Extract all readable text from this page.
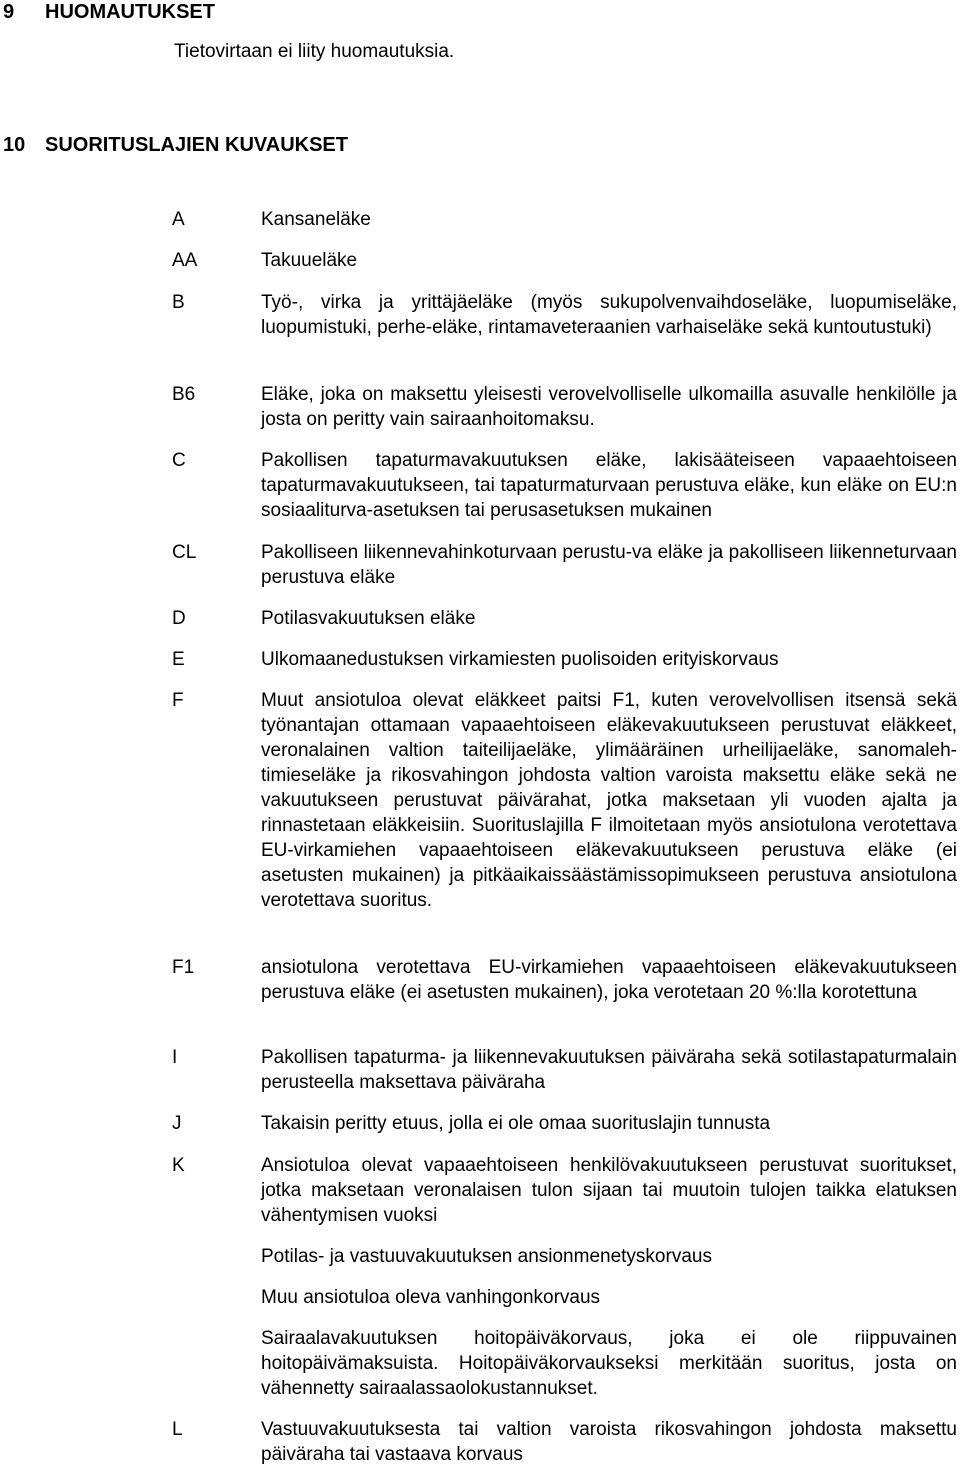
9 HUOMAUTUKSET
Tietovirtaan ei liity huomautuksia.
10 SUORITUSLAJIEN KUVAUKSET
A	Kansaneläke
AA	Takuueläke
B	Työ-, virka ja yrittäjäeläke (myös sukupolvenvaihdoseläke, luopumiseläke, luopumistuki, perhe-eläke, rintamaveteraanien varhaiseläke sekä kuntoutustuki)
B6	Eläke, joka on maksettu yleisesti verovelvolliselle ulkomailla asuvalle henkilölle ja josta on peritty vain sairaanhoitomaksu.
C	Pakollisen tapaturmavakuutuksen eläke, lakisääteiseen vapaaehtoiseen tapaturmavakuutukseen, tai tapaturmaturvaan perustuva eläke, kun eläke on EU:n sosiaaliturva-asetuksen tai perusasetuksen mukainen
CL	Pakolliseen liikennevahinkoturvaan perustu-va eläke ja pakolliseen liikenneturvaan perustuva eläke
D	Potilasvakuutuksen eläke
E	Ulkomaanedustuksen virkamiesten puolisoiden erityiskorvaus
F	Muut ansiotuloa olevat eläkkeet paitsi F1, kuten verovelvollisen itsensä sekä työnantajan ottamaan vapaaehtoiseen eläkevakuutukseen perustuvat eläkkeet, veronalainen valtion taiteilijaeläke, ylimääräinen urheilijaeläke, sanomaleh-timieseläke ja rikosvahingon johdosta valtion varoista maksettu eläke sekä ne vakuutukseen perustuvat päivärahat, jotka maksetaan yli vuoden ajalta ja rinnastetaan eläkkeisiin. Suorituslajilla F ilmoitetaan myös ansiotulona verotettava EU-virkamiehen vapaaehtoiseen eläkevakuutukseen perustuva eläke (ei asetusten mukainen) ja pitkäaikaissäästämissopimukseen perustuva ansiotulona verotettava suoritus.
F1	ansiotulona verotettava EU-virkamiehen vapaaehtoiseen eläkevakuutukseen perustuva eläke (ei asetusten mukainen), joka verotetaan 20 %:lla korotettuna
I	Pakollisen tapaturma- ja liikennevakuutuksen päiväraha sekä sotilastapaturmalain perusteella maksettava päiväraha
J	Takaisin peritty etuus, jolla ei ole omaa suorituslajin tunnusta
K	Ansiotuloa olevat vapaaehtoiseen henkilövakuutukseen perustuvat suoritukset, jotka maksetaan veronalaisen tulon sijaan tai muutoin tulojen taikka elatuksen vähentymisen vuoksi
Potilas- ja vastuuvakuutuksen ansionmenetyskorvaus
Muu ansiotuloa oleva vanhingonkorvaus
Sairaalavakuutuksen hoitopäiväkorvaus, joka ei ole riippuvainen hoitopäivämaksuista. Hoitopäiväkorvaukseksi merkitään suoritus, josta on vähennetty sairaalassaolokustannukset.
L	Vastuuvakuutuksesta tai valtion varoista rikosvahingon johdosta maksettu päiväraha tai vastaava korvaus
